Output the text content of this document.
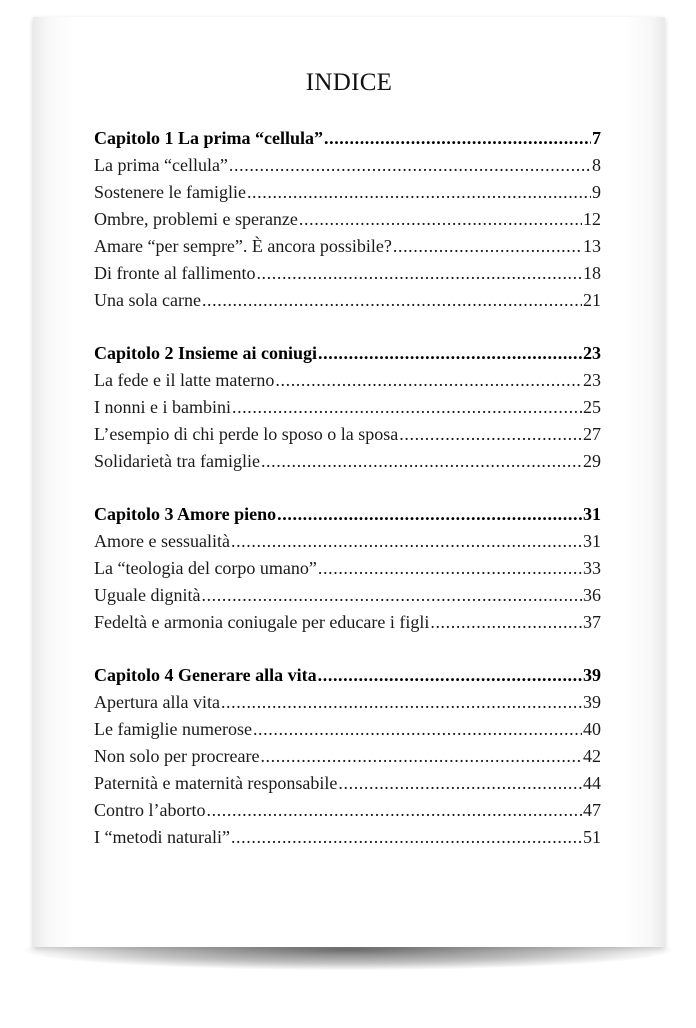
INDICE
Capitolo 1 La prima “cellula” .....	7
La prima “cellula” .....	8
Sostenere le famiglie .....	9
Ombre, problemi e speranze .....	12
Amare “per sempre”. È ancora possibile? .....	13
Di fronte al fallimento .....	18
Una sola carne .....	21
Capitolo 2 Insieme ai coniugi .....	23
La fede e il latte materno .....	23
I nonni e i bambini .....	25
L’esempio di chi perde lo sposo o la sposa .....	27
Solidarietà tra famiglie .....	29
Capitolo 3 Amore pieno .....	31
Amore e sessualità .....	31
La “teologia del corpo umano” .....	33
Uguale dignità .....	36
Fedeltà e armonia coniugale per educare i figli .....	37
Capitolo 4 Generare alla vita .....	39
Apertura alla vita .....	39
Le famiglie numerose .....	40
Non solo per procreare .....	42
Paternità e maternità responsabile .....	44
Contro l’aborto .....	47
I “metodi naturali” .....	51
